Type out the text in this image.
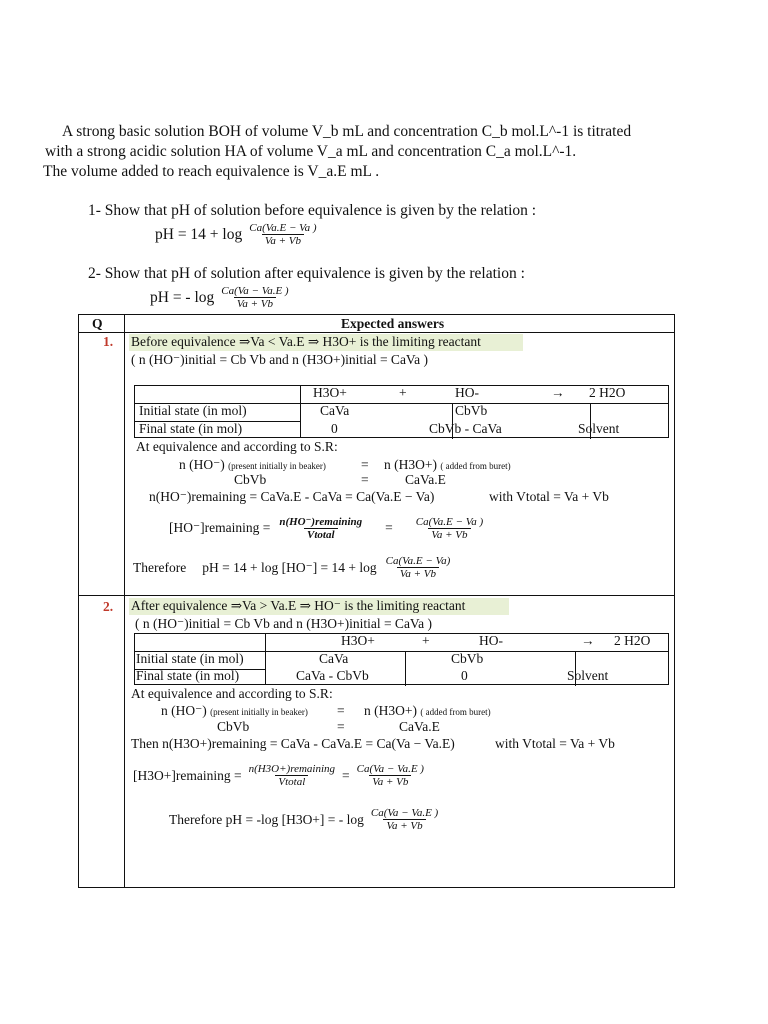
A strong basic solution BOH of volume V_b mL and concentration C_b mol.L^-1 is titrated
with a strong acidic solution HA of volume V_a mL and concentration C_a mol.L^-1.
The volume added to reach equivalence is V_a.E mL .
1- Show that pH of solution before equivalence is given by the relation :
pH = $14 + \log \frac{Ca(Va.E - Va )}{Va + Vb}$
2- Show that pH of solution after equivalence is given by the relation :
pH = - $\log \frac{Ca(Va - Va.E )}{Va + Vb}$
Q	Expected answers
1. Before equivalence ⇒Va < Va.E ⇒ H3O+ is the limiting reactant
( n (HO⁻)initial = Cb Vb and n (H3O+)initial = CaVa )
H3O+	+	HO-	→ 2 H2O
Initial state (in mol)	CaVa	CbVb
Final state (in mol)	0	CbVb - CaVa	Solvent
At equivalence and according to S.R:
n (HO⁻) (present initially in beaker)	= n (H3O+) ( added from buret)
CbVb	=	CaVa.E
n(HO⁻)remaining = CaVa.E - CaVa = Ca(Va.E − Va)	with Vtotal = Va + Vb
[HO⁻]remaining = $\frac{\text{n(HO⁻)remaining}}{\text{Vtotal}} = \frac{Ca(Va.E - Va )}{Va + Vb}$
Therefore pH = $14 + \log [HO^-] = 14 + \log \frac{Ca(Va.E - Va)}{Va + Vb}$
2. After equivalence ⇒Va > Va.E ⇒ HO⁻ is the limiting reactant
( n (HO⁻)initial = Cb Vb and n (H3O+)initial = CaVa )
H3O+	+	HO-	→ 2 H2O
Initial state (in mol)	CaVa	CbVb
Final state (in mol)	CaVa - CbVb	0	Solvent
At equivalence and according to S.R:
n (HO⁻) (present initially in beaker) = n (H3O+) ( added from buret)
CbVb	=	CaVa.E
Then n(H3O+)remaining = CaVa - CaVa.E = Ca(Va − Va.E)	with Vtotal = Va + Vb
[H3O+]remaining = $\frac{\text{n(H3O+)remaining}}{\text{Vtotal}} = \frac{Ca(Va - Va.E )}{Va + Vb}$
Therefore pH = -log [H3O+] = - $\log \frac{Ca(Va - Va.E )}{Va + Vb}$
